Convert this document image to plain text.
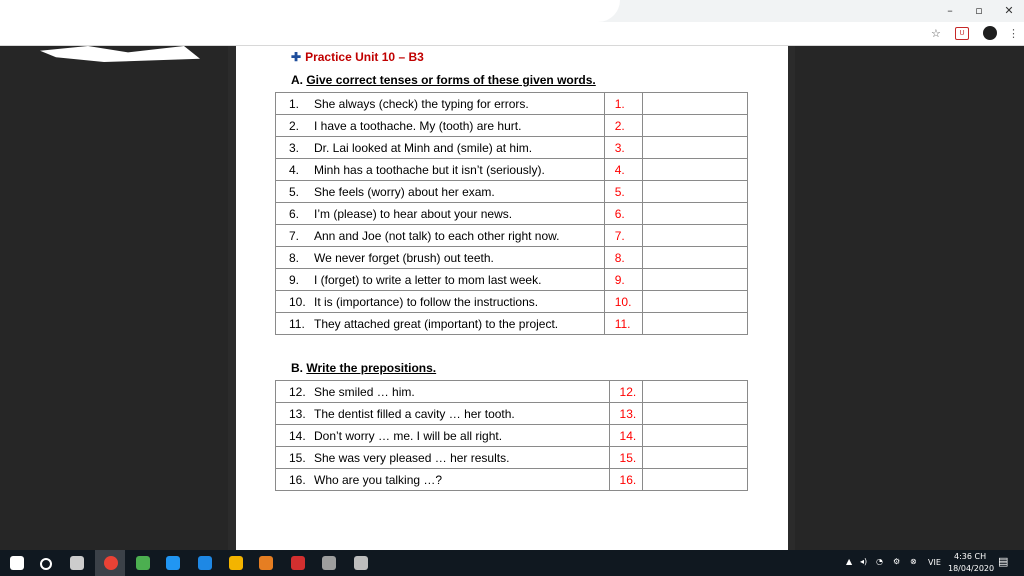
–	▫	✕
☆	U	⋮
✚ Practice Unit 10 – B3
A. Give correct tenses or forms of these given words.
1. She always (check) the typing for errors.	1.	
2. I have a toothache. My (tooth) are hurt.	2.	
3. Dr. Lai looked at Minh and (smile) at him.	3.	
4. Minh has a toothache but it isn’t (seriously).	4.	
5. She feels (worry) about her exam.	5.	
6. I’m (please) to hear about your news.	6.	
7. Ann and Joe (not talk) to each other right now.	7.	
8. We never forget (brush) out teeth.	8.	
9. I (forget) to write a letter to mom last week.	9.	
10. It is (importance) to follow the instructions.	10.	
11. They attached great (important) to the project.	11.	
B. Write the prepositions.
12. She smiled … him.	12.	
13. The dentist filled a cavity … her tooth.	13.	
14. Don’t worry … me. I will be all right.	14.	
15. She was very pleased … her results.	15.	
16. Who are you talking …?	16.	
▲ ◂) ◔ ⚙ ⊗ VIE
4:36 CH
18/04/2020
▤
